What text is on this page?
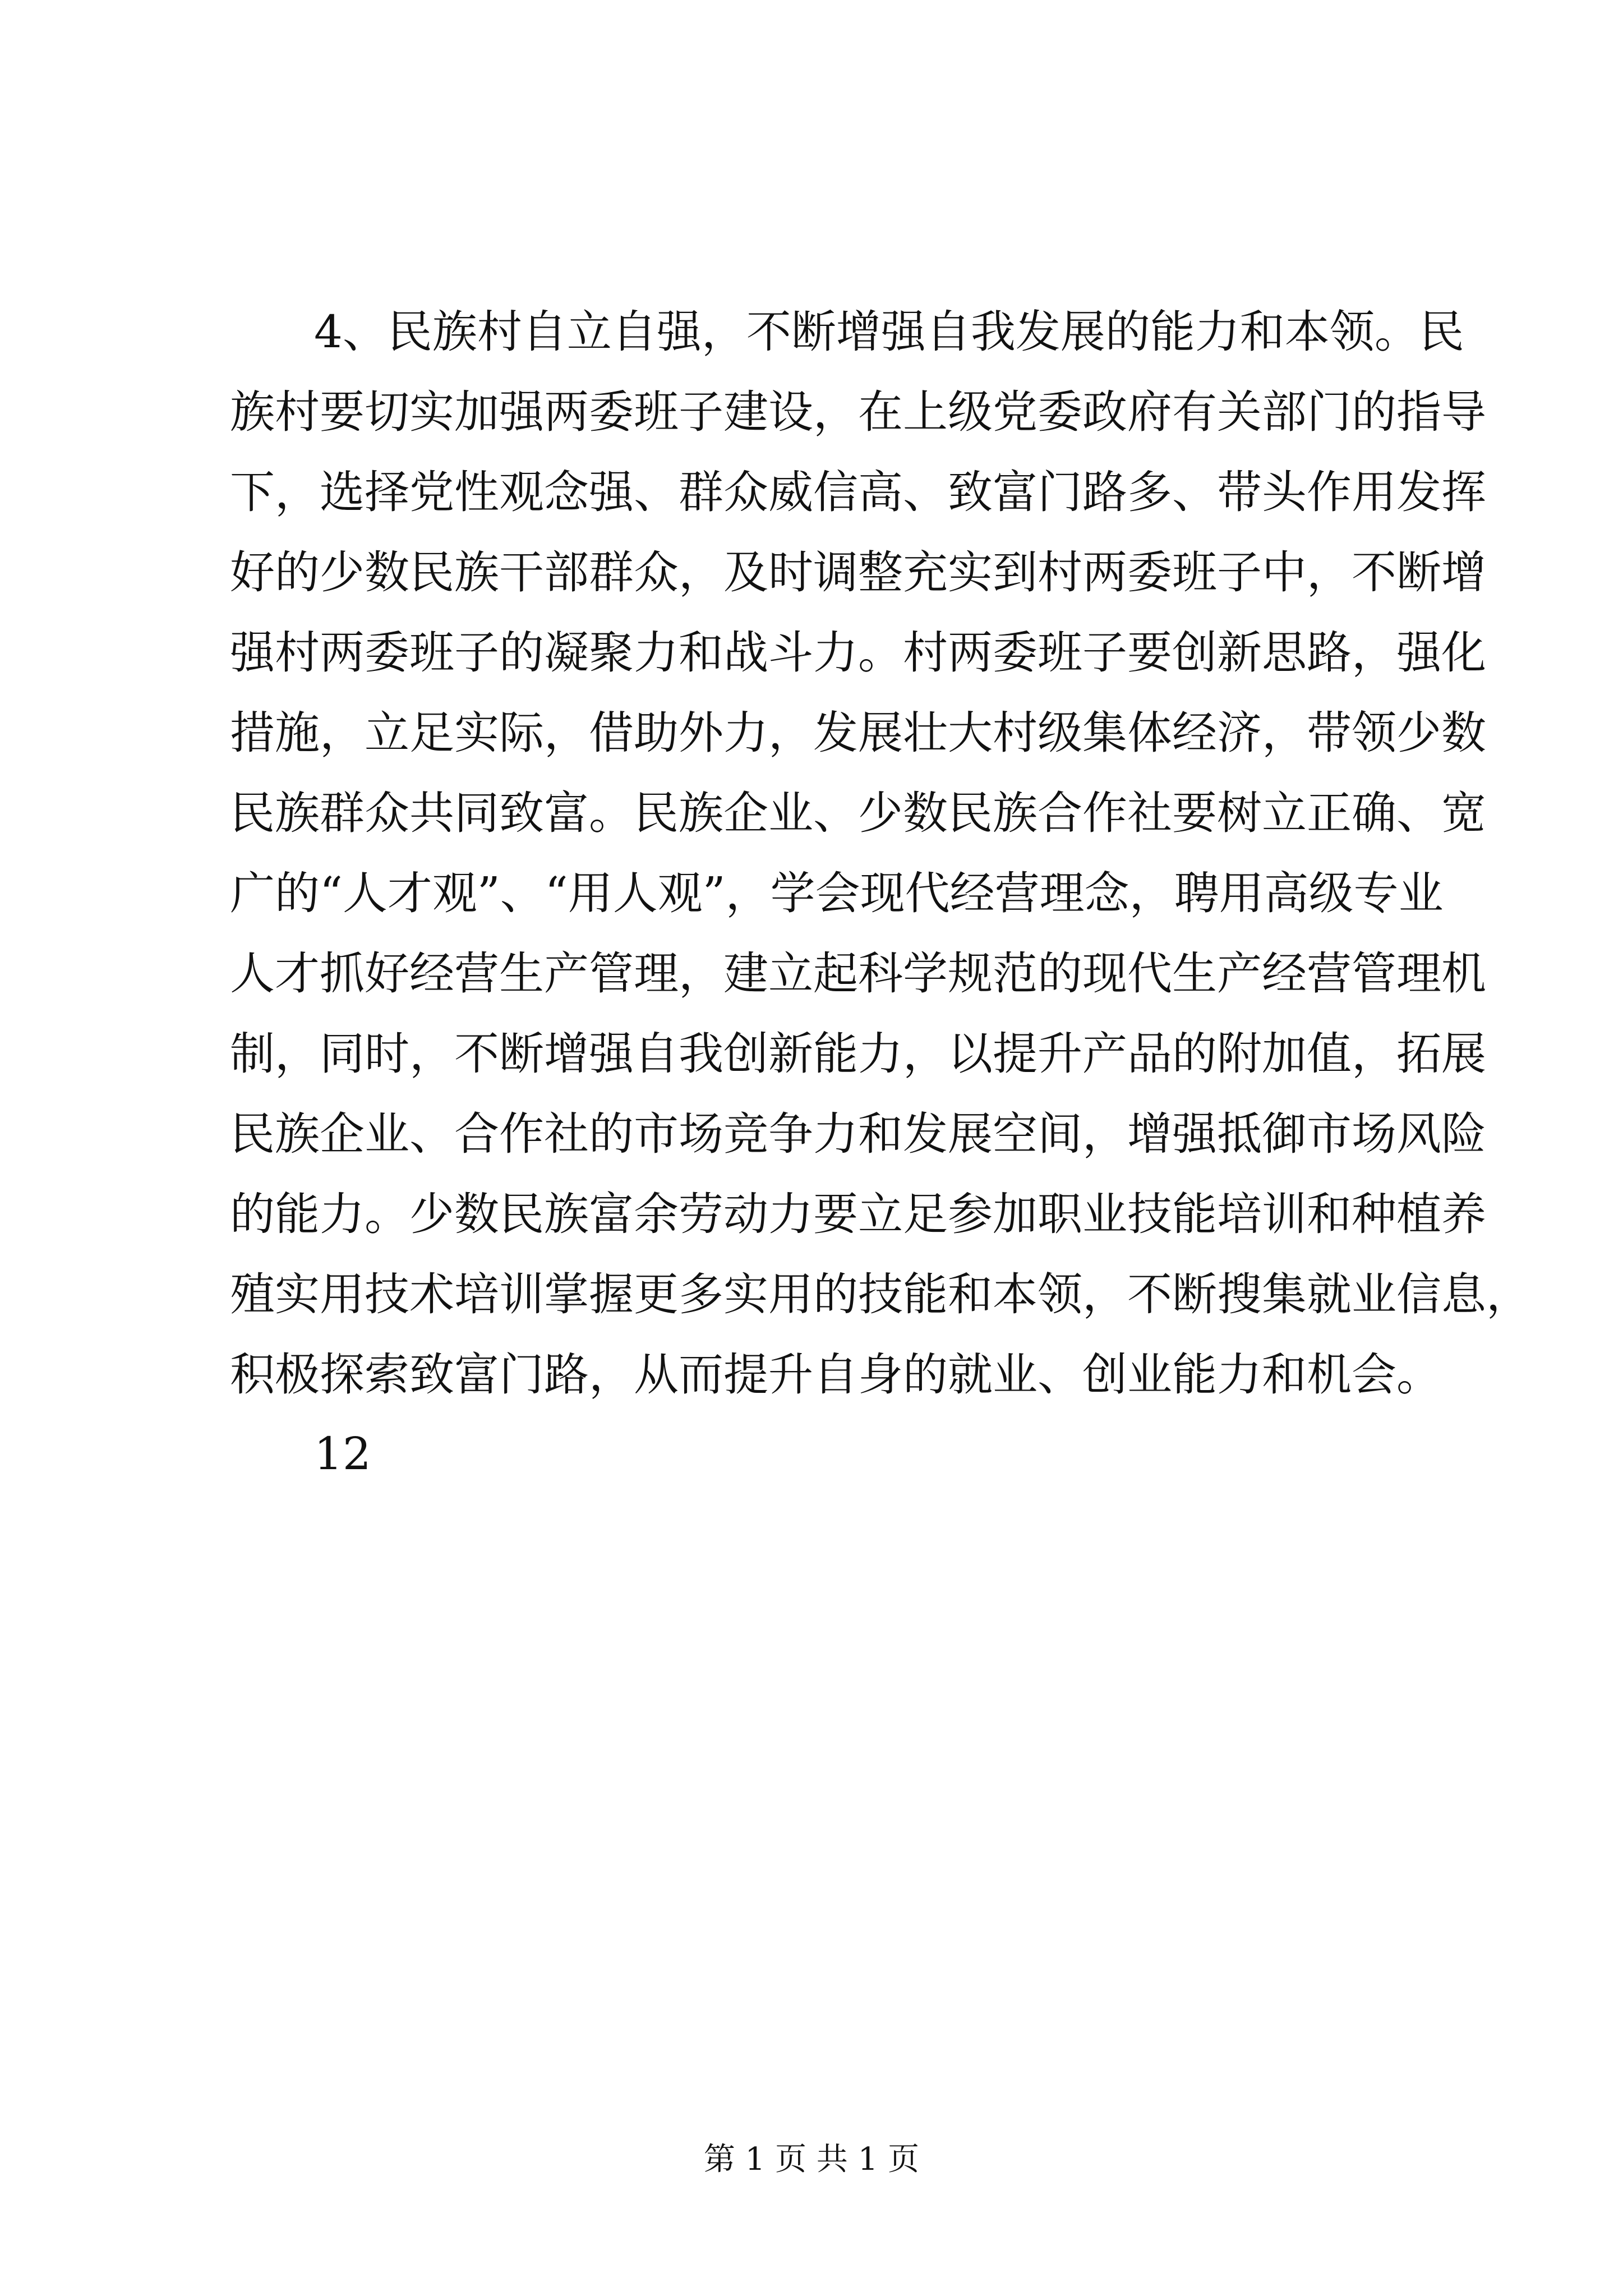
4、民族村自立自强，不断增强自我发展的能力和本领。民
族村要切实加强两委班子建设，在上级党委政府有关部门的指导
下，选择党性观念强、群众威信高、致富门路多、带头作用发挥
好的少数民族干部群众，及时调整充实到村两委班子中，不断增
强村两委班子的凝聚力和战斗力。村两委班子要创新思路，强化
措施，立足实际，借助外力，发展壮大村级集体经济，带领少数
民族群众共同致富。民族企业、少数民族合作社要树立正确、宽
广的“人才观”、“用人观”，学会现代经营理念，聘用高级专业
人才抓好经营生产管理，建立起科学规范的现代生产经营管理机
制，同时，不断增强自我创新能力，以提升产品的附加值，拓展
民族企业、合作社的市场竞争力和发展空间，增强抵御市场风险
的能力。少数民族富余劳动力要立足参加职业技能培训和种植养
殖实用技术培训掌握更多实用的技能和本领，不断搜集就业信息，
积极探索致富门路，从而提升自身的就业、创业能力和机会。
12
第 1 页 共 1 页
